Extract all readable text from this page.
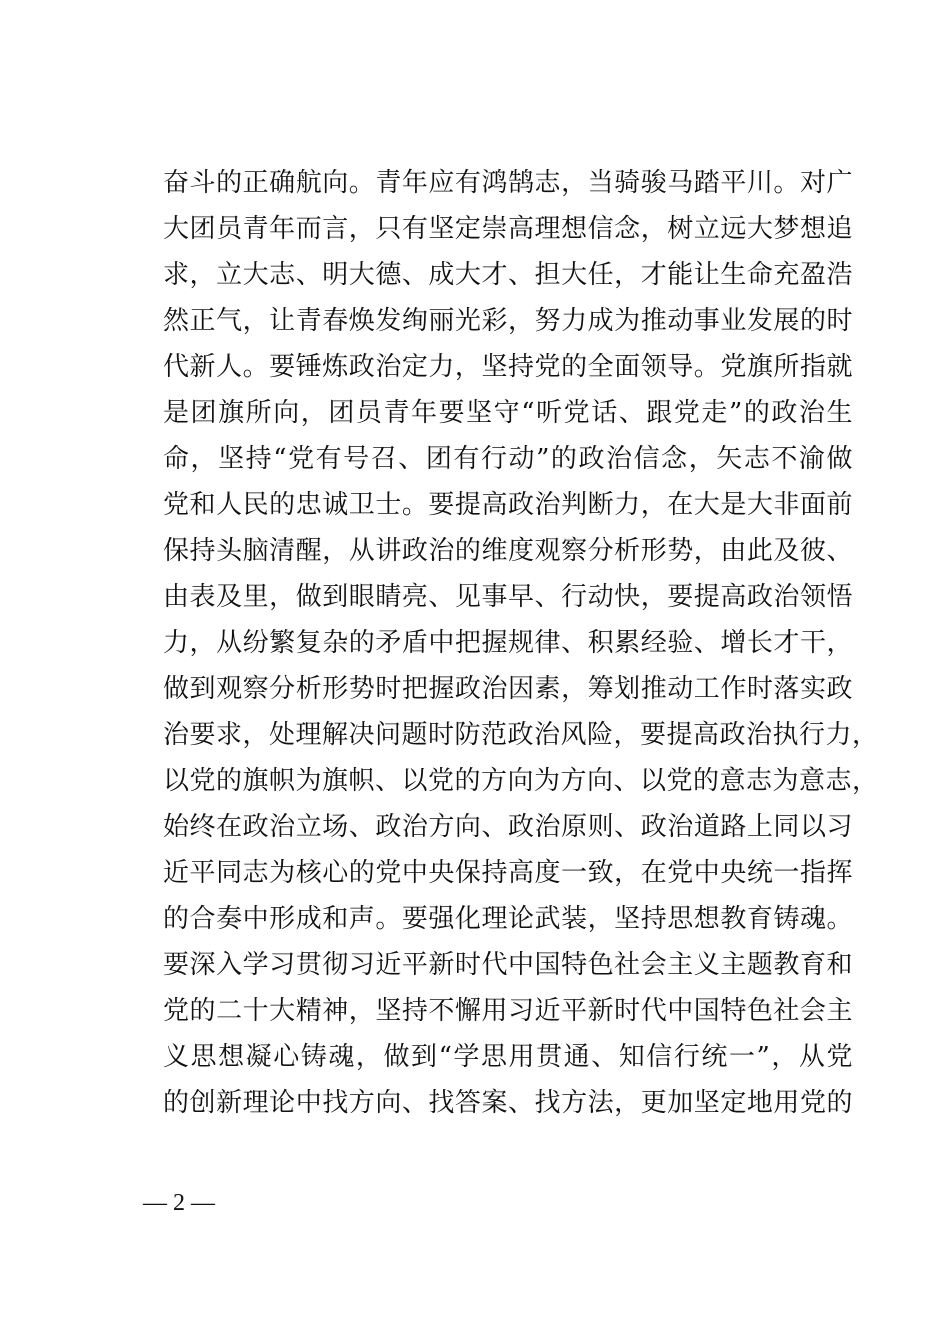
奋斗的正确航向。青年应有鸿鹄志，当骑骏马踏平川。对广
大团员青年而言，只有坚定崇高理想信念，树立远大梦想追
求，立大志、明大德、成大才、担大任，才能让生命充盈浩
然正气，让青春焕发绚丽光彩，努力成为推动事业发展的时
代新人。要锤炼政治定力，坚持党的全面领导。党旗所指就
是团旗所向，团员青年要坚守“听党话、跟党走”的政治生
命，坚持“党有号召、团有行动”的政治信念，矢志不渝做
党和人民的忠诚卫士。要提高政治判断力，在大是大非面前
保持头脑清醒，从讲政治的维度观察分析形势，由此及彼、
由表及里，做到眼睛亮、见事早、行动快，要提高政治领悟
力，从纷繁复杂的矛盾中把握规律、积累经验、增长才干，
做到观察分析形势时把握政治因素，筹划推动工作时落实政
治要求，处理解决问题时防范政治风险，要提高政治执行力，
以党的旗帜为旗帜、以党的方向为方向、以党的意志为意志，
始终在政治立场、政治方向、政治原则、政治道路上同以习
近平同志为核心的党中央保持高度一致，在党中央统一指挥
的合奏中形成和声。要强化理论武装，坚持思想教育铸魂。
要深入学习贯彻习近平新时代中国特色社会主义主题教育和
党的二十大精神，坚持不懈用习近平新时代中国特色社会主
义思想凝心铸魂，做到“学思用贯通、知信行统一”，从党
的创新理论中找方向、找答案、找方法，更加坚定地用党的
— 2 —
